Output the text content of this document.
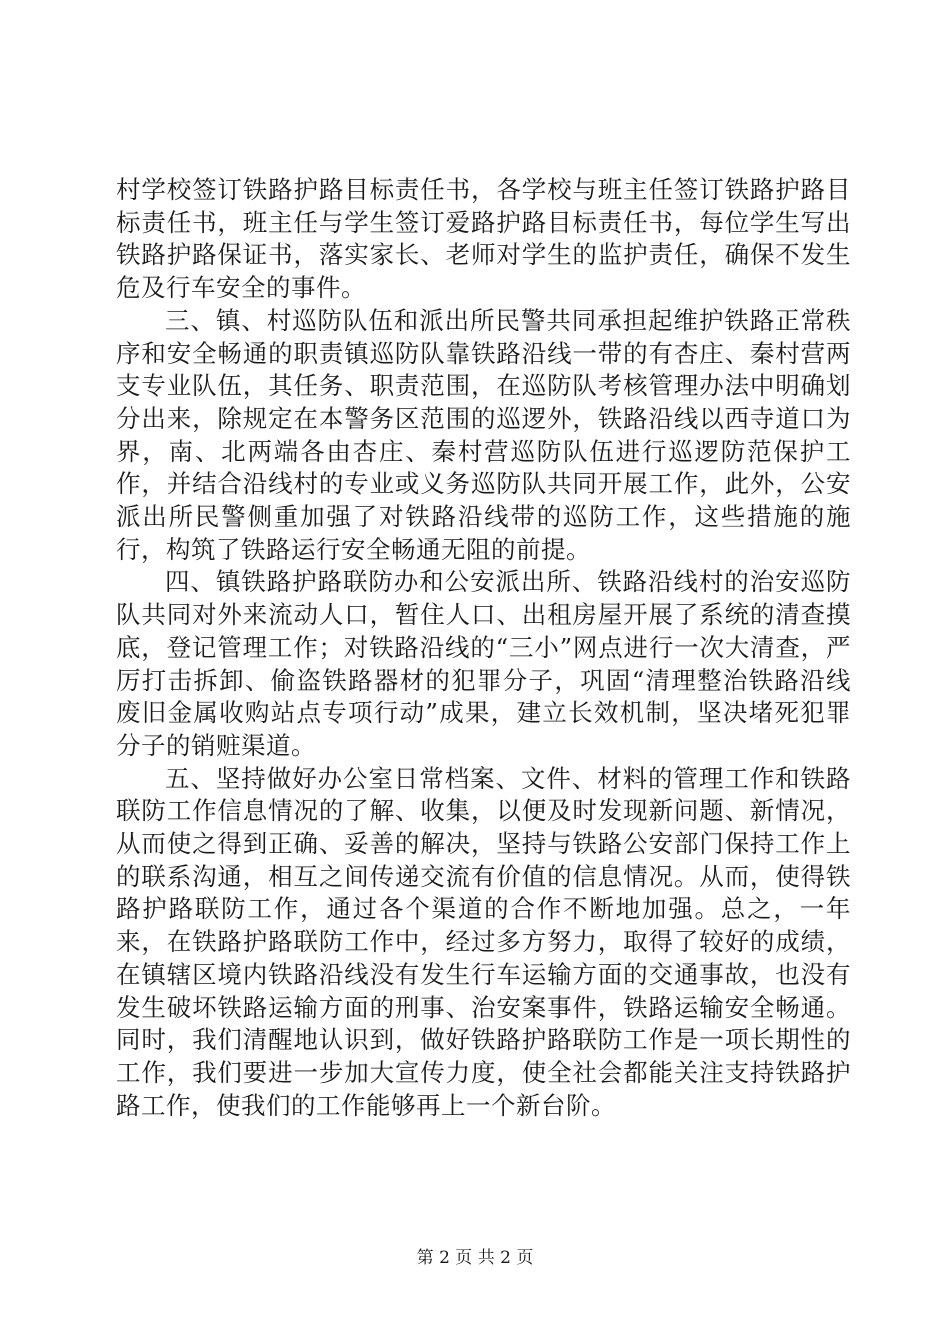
村学校签订铁路护路目标责任书，各学校与班主任签订铁路护路目标责任书，班主任与学生签订爱路护路目标责任书，每位学生写出铁路护路保证书，落实家长、老师对学生的监护责任，确保不发生危及行车安全的事件。

三、镇、村巡防队伍和派出所民警共同承担起维护铁路正常秩序和安全畅通的职责镇巡防队靠铁路沿线一带的有杏庄、秦村营两支专业队伍，其任务、职责范围，在巡防队考核管理办法中明确划分出来，除规定在本警务区范围的巡逻外，铁路沿线以西寺道口为界，南、北两端各由杏庄、秦村营巡防队伍进行巡逻防范保护工作，并结合沿线村的专业或义务巡防队共同开展工作，此外，公安派出所民警侧重加强了对铁路沿线带的巡防工作，这些措施的施行，构筑了铁路运行安全畅通无阻的前提。

四、镇铁路护路联防办和公安派出所、铁路沿线村的治安巡防队共同对外来流动人口，暂住人口、出租房屋开展了系统的清查摸底，登记管理工作；对铁路沿线的“三小”网点进行一次大清查，严厉打击拆卸、偷盗铁路器材的犯罪分子，巩固“清理整治铁路沿线废旧金属收购站点专项行动”成果，建立长效机制，坚决堵死犯罪分子的销赃渠道。

五、坚持做好办公室日常档案、文件、材料的管理工作和铁路联防工作信息情况的了解、收集，以便及时发现新问题、新情况，从而使之得到正确、妥善的解决，坚持与铁路公安部门保持工作上的联系沟通，相互之间传递交流有价值的信息情况。从而，使得铁路护路联防工作，通过各个渠道的合作不断地加强。总之，一年来，在铁路护路联防工作中，经过多方努力，取得了较好的成绩，在镇辖区境内铁路沿线没有发生行车运输方面的交通事故，也没有发生破坏铁路运输方面的刑事、治安案事件，铁路运输安全畅通。同时，我们清醒地认识到，做好铁路护路联防工作是一项长期性的工作，我们要进一步加大宣传力度，使全社会都能关注支持铁路护路工作，使我们的工作能够再上一个新台阶。

第 2 页 共 2 页
